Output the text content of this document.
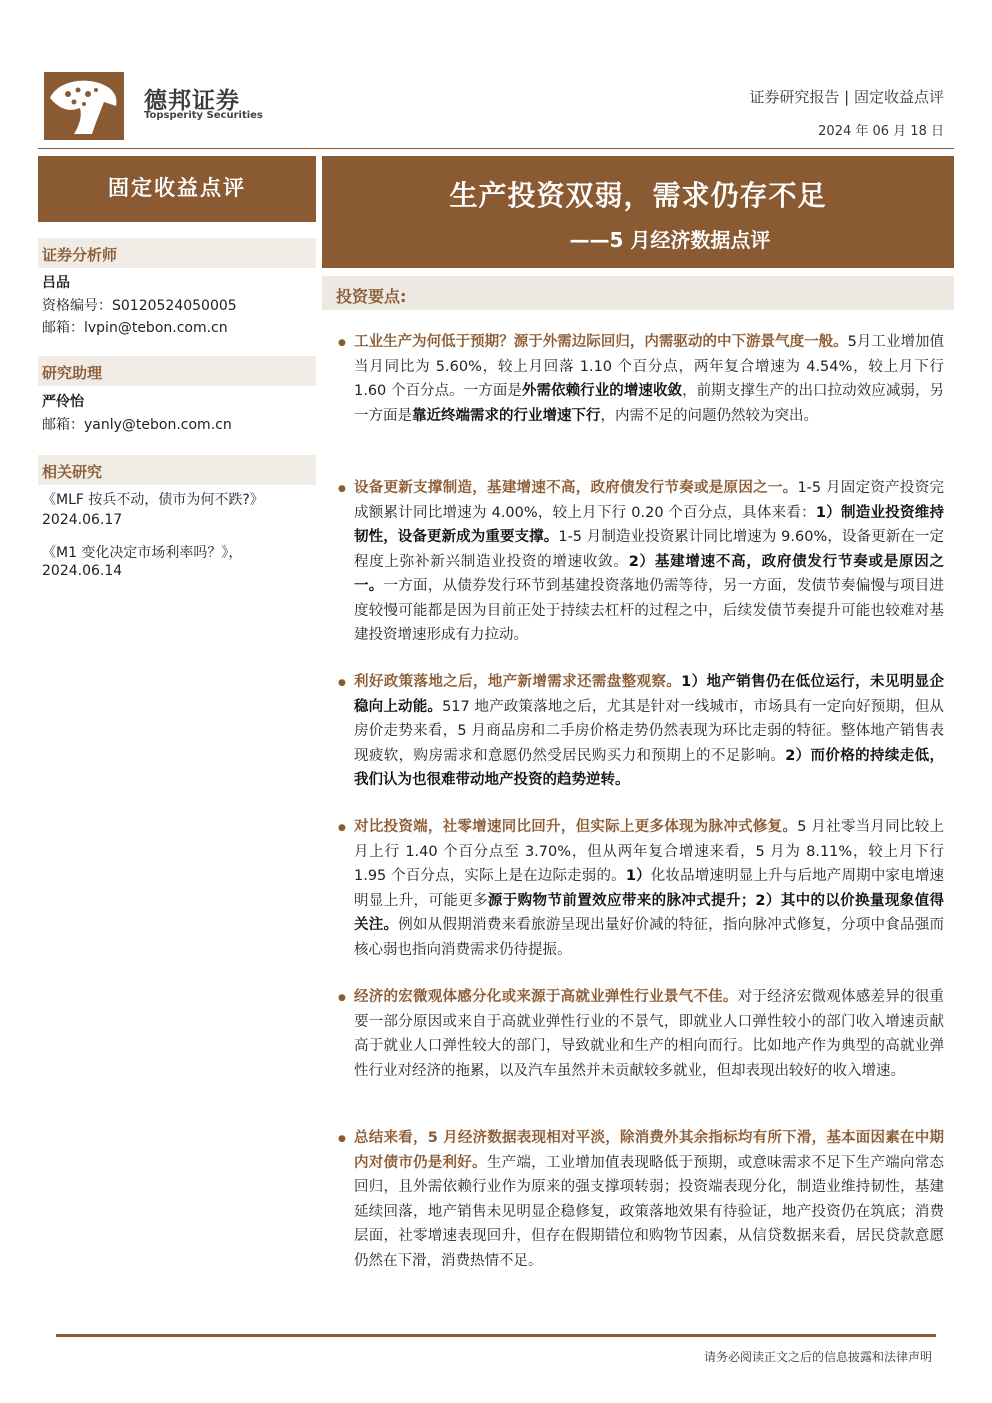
德邦证券
Topsperity Securities
证券研究报告 | 固定收益点评
2024 年 06 月 18 日
固定收益点评
证券分析师
吕品
资格编号：S0120524050005
邮箱：lvpin@tebon.com.cn
研究助理
严伶怡
邮箱：yanly@tebon.com.cn
相关研究
《MLF 按兵不动，债市为何不跌?》
2024.06.17
《M1 变化决定市场利率吗？》，
2024.06.14
生产投资双弱，需求仍存不足
——5 月经济数据点评
投资要点:
● 工业生产为何低于预期？源于外需边际回归，内需驱动的中下游景气度一般。5月工业增加值当月同比为 5.60%，较上月回落 1.10 个百分点，两年复合增速为 4.54%，较上月下行 1.60 个百分点。一方面是外需依赖行业的增速收敛，前期支撑生产的出口拉动效应减弱，另一方面是靠近终端需求的行业增速下行，内需不足的问题仍然较为突出。
● 设备更新支撑制造，基建增速不高，政府债发行节奏或是原因之一。1-5 月固定资产投资完成额累计同比增速为 4.00%，较上月下行 0.20 个百分点，具体来看：1）制造业投资维持韧性，设备更新成为重要支撑。1-5 月制造业投资累计同比增速为 9.60%，设备更新在一定程度上弥补新兴制造业投资的增速收敛。2）基建增速不高，政府债发行节奏或是原因之一。一方面，从债券发行环节到基建投资落地仍需等待，另一方面，发债节奏偏慢与项目进度较慢可能都是因为目前正处于持续去杠杆的过程之中，后续发债节奏提升可能也较难对基建投资增速形成有力拉动。
● 利好政策落地之后，地产新增需求还需盘整观察。1）地产销售仍在低位运行，未见明显企稳向上动能。517 地产政策落地之后，尤其是针对一线城市，市场具有一定向好预期，但从房价走势来看，5 月商品房和二手房价格走势仍然表现为环比走弱的特征。整体地产销售表现疲软，购房需求和意愿仍然受居民购买力和预期上的不足影响。2）而价格的持续走低，我们认为也很难带动地产投资的趋势逆转。
● 对比投资端，社零增速同比回升，但实际上更多体现为脉冲式修复。5 月社零当月同比较上月上行 1.40 个百分点至 3.70%，但从两年复合增速来看，5 月为 8.11%，较上月下行 1.95 个百分点，实际上是在边际走弱的。1）化妆品增速明显上升与后地产周期中家电增速明显上升，可能更多源于购物节前置效应带来的脉冲式提升；2）其中的以价换量现象值得关注。例如从假期消费来看旅游呈现出量好价减的特征，指向脉冲式修复，分项中食品强而核心弱也指向消费需求仍待提振。
● 经济的宏微观体感分化或来源于高就业弹性行业景气不佳。对于经济宏微观体感差异的很重要一部分原因或来自于高就业弹性行业的不景气，即就业人口弹性较小的部门收入增速贡献高于就业人口弹性较大的部门，导致就业和生产的相向而行。比如地产作为典型的高就业弹性行业对经济的拖累，以及汽车虽然并未贡献较多就业，但却表现出较好的收入增速。
● 总结来看，5 月经济数据表现相对平淡，除消费外其余指标均有所下滑，基本面因素在中期内对债市仍是利好。生产端，工业增加值表现略低于预期，或意味需求不足下生产端向常态回归，且外需依赖行业作为原来的强支撑项转弱；投资端表现分化，制造业维持韧性，基建延续回落，地产销售未见明显企稳修复，政策落地效果有待验证，地产投资仍在筑底；消费层面，社零增速表现回升，但存在假期错位和购物节因素，从信贷数据来看，居民贷款意愿仍然在下滑，消费热情不足。
请务必阅读正文之后的信息披露和法律声明
